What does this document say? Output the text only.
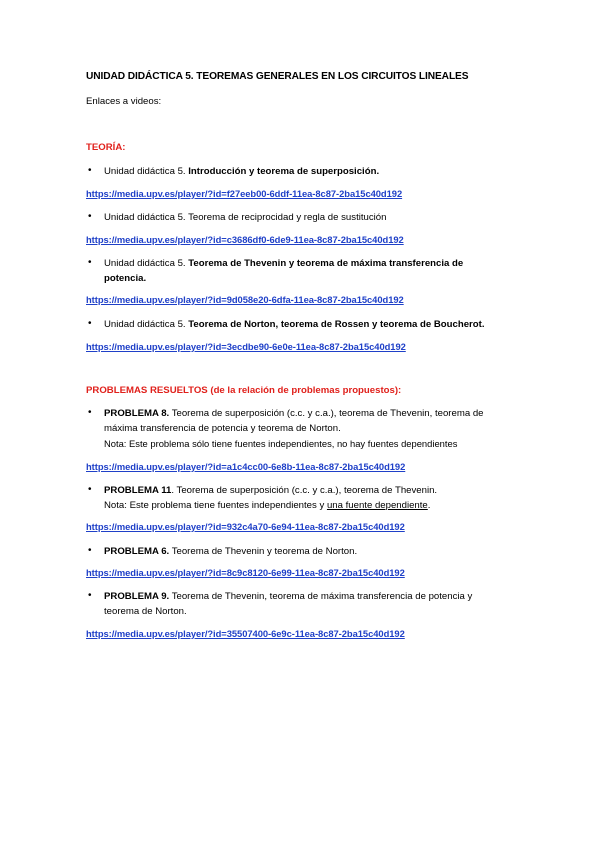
UNIDAD DIDÁCTICA 5. TEOREMAS GENERALES EN LOS CIRCUITOS LINEALES
Enlaces a videos:
TEORÍA:
• Unidad didáctica 5. Introducción y teorema de superposición.
https://media.upv.es/player/?id=f27eeb00-6ddf-11ea-8c87-2ba15c40d192
• Unidad didáctica 5. Teorema de reciprocidad y regla de sustitución
https://media.upv.es/player/?id=c3686df0-6de9-11ea-8c87-2ba15c40d192
• Unidad didáctica 5. Teorema de Thevenin y teorema de máxima transferencia de
potencia.
https://media.upv.es/player/?id=9d058e20-6dfa-11ea-8c87-2ba15c40d192
• Unidad didáctica 5. Teorema de Norton, teorema de Rossen y teorema de Boucherot.
https://media.upv.es/player/?id=3ecdbe90-6e0e-11ea-8c87-2ba15c40d192
PROBLEMAS RESUELTOS (de la relación de problemas propuestos):
• PROBLEMA 8. Teorema de superposición (c.c. y c.a.), teorema de Thevenin, teorema de
máxima transferencia de potencia y teorema de Norton.
Nota: Este problema sólo tiene fuentes independientes, no hay fuentes dependientes
https://media.upv.es/player/?id=a1c4cc00-6e8b-11ea-8c87-2ba15c40d192
• PROBLEMA 11. Teorema de superposición (c.c. y c.a.), teorema de Thevenin.
Nota: Este problema tiene fuentes independientes y una fuente dependiente.
https://media.upv.es/player/?id=932c4a70-6e94-11ea-8c87-2ba15c40d192
• PROBLEMA 6. Teorema de Thevenin y teorema de Norton.
https://media.upv.es/player/?id=8c9c8120-6e99-11ea-8c87-2ba15c40d192
• PROBLEMA 9. Teorema de Thevenin, teorema de máxima transferencia de potencia y
teorema de Norton.
https://media.upv.es/player/?id=35507400-6e9c-11ea-8c87-2ba15c40d192
